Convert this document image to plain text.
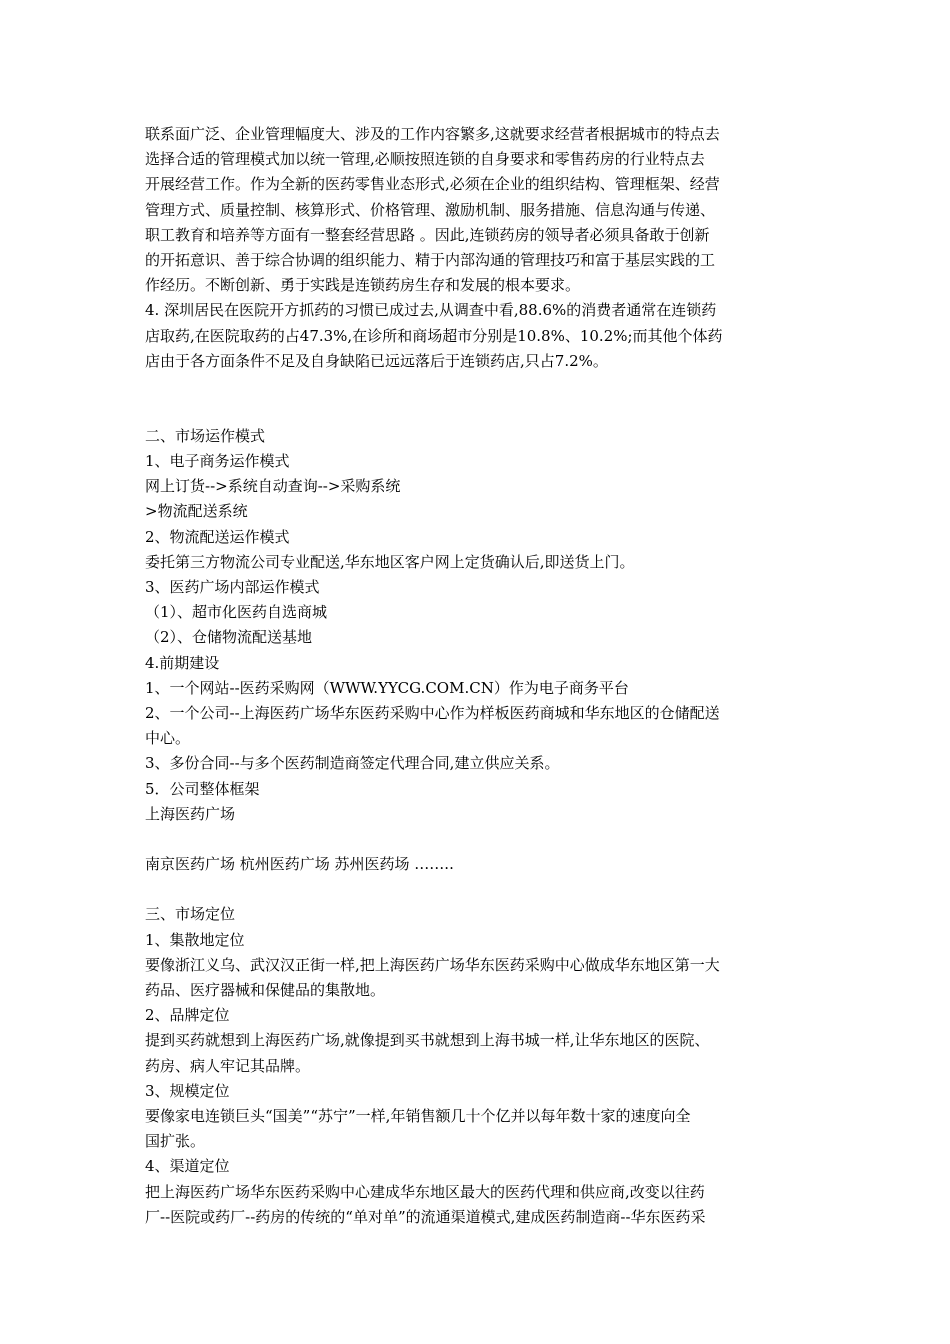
联系面广泛、企业管理幅度大、涉及的工作内容繁多,这就要求经营者根据城市的特点去
选择合适的管理模式加以统一管理,必顺按照连锁的自身要求和零售药房的行业特点去
开展经营工作。作为全新的医药零售业态形式,必须在企业的组织结构、管理框架、经营
管理方式、质量控制、核算形式、价格管理、激励机制、服务措施、信息沟通与传递、
职工教育和培养等方面有一整套经营思路 。因此,连锁药房的领导者必须具备敢于创新
的开拓意识、善于综合协调的组织能力、精于内部沟通的管理技巧和富于基层实践的工
作经历。不断创新、勇于实践是连锁药房生存和发展的根本要求。
4. 深圳居民在医院开方抓药的习惯已成过去,从调查中看,88.6%的消费者通常在连锁药
店取药,在医院取药的占47.3%,在诊所和商场超市分别是10.8%、10.2%;而其他个体药
店由于各方面条件不足及自身缺陷已远远落后于连锁药店,只占7.2%。
二、市场运作模式
1、电子商务运作模式
网上订货-->系统自动查询-->采购系统
>物流配送系统
2、物流配送运作模式
委托第三方物流公司专业配送,华东地区客户网上定货确认后,即送货上门。
3、医药广场内部运作模式
（1）、超市化医药自选商城
（2）、仓储物流配送基地
4.前期建设
1、一个网站--医药采购网（WWW.YYCG.COM.CN）作为电子商务平台
2、一个公司--上海医药广场华东医药采购中心作为样板医药商城和华东地区的仓储配送
中心。
3、多份合同--与多个医药制造商签定代理合同,建立供应关系。
5．公司整体框架
上海医药广场
南京医药广场 杭州医药广场 苏州医药场 ……..
三、市场定位
1、集散地定位
要像浙江义乌、武汉汉正街一样,把上海医药广场华东医药采购中心做成华东地区第一大
药品、医疗器械和保健品的集散地。
2、品牌定位
提到买药就想到上海医药广场,就像提到买书就想到上海书城一样,让华东地区的医院、
药房、病人牢记其品牌。
3、规模定位
要像家电连锁巨头“国美”“苏宁”一样,年销售额几十个亿并以每年数十家的速度向全
国扩张。
4、渠道定位
把上海医药广场华东医药采购中心建成华东地区最大的医药代理和供应商,改变以往药
厂--医院或药厂--药房的传统的“单对单”的流通渠道模式,建成医药制造商--华东医药采
